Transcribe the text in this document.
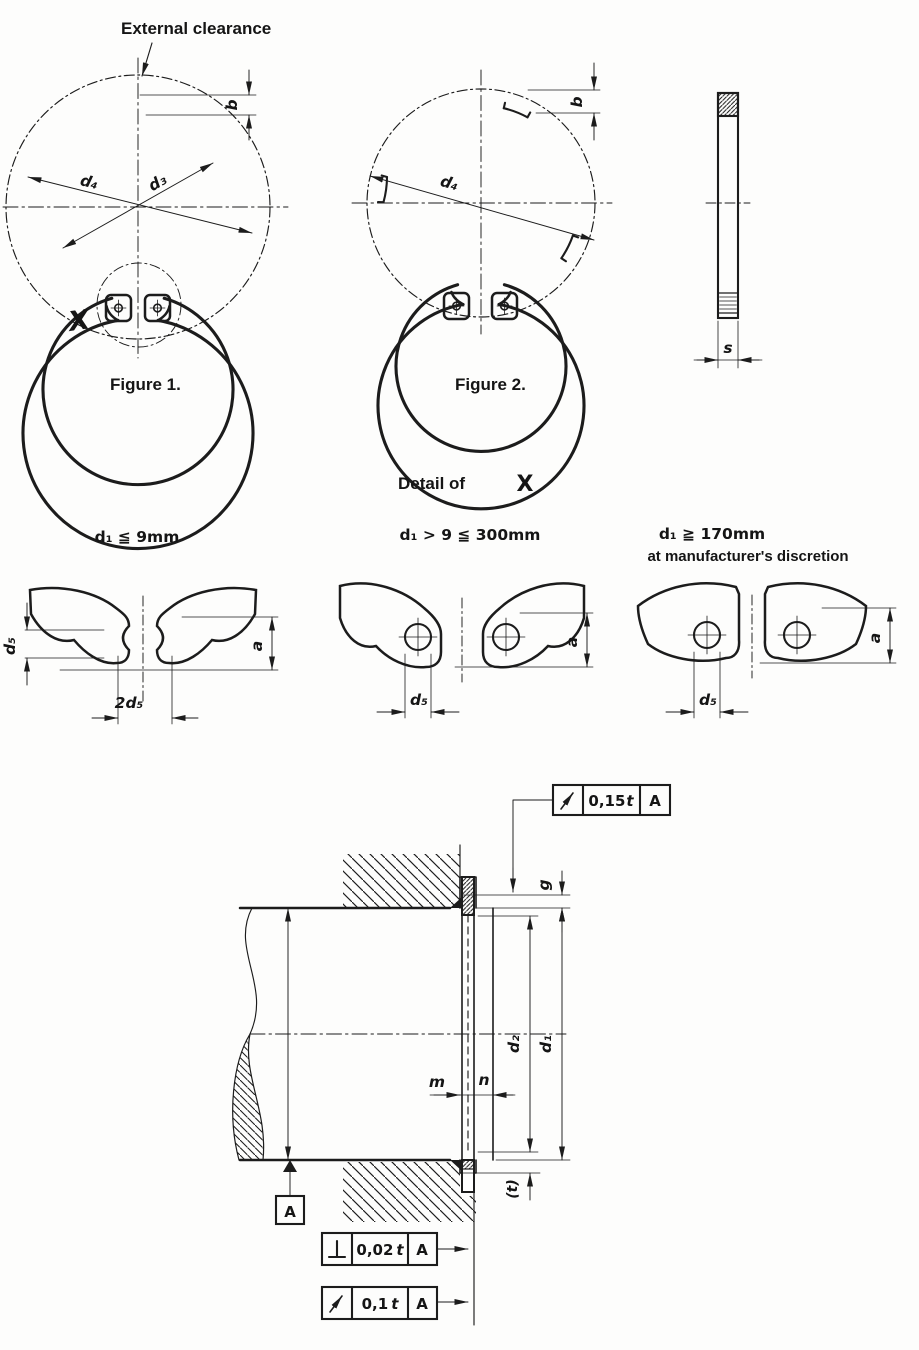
X
External clearance
b
d₄	d₃
Figure 1.
b
d₄
Figure 2.
s
Detail of X
d₁ ≦ 9mm
d₅
2d₅
a
d₁ > 9 ≦ 300mm
d₅
a
d₁ ≧ 170mm
at manufacturer's discretion
d₅
a
A
g
d₂ d₁
(t)
m n
0,15t A
0,02 t A
0,1 t A
